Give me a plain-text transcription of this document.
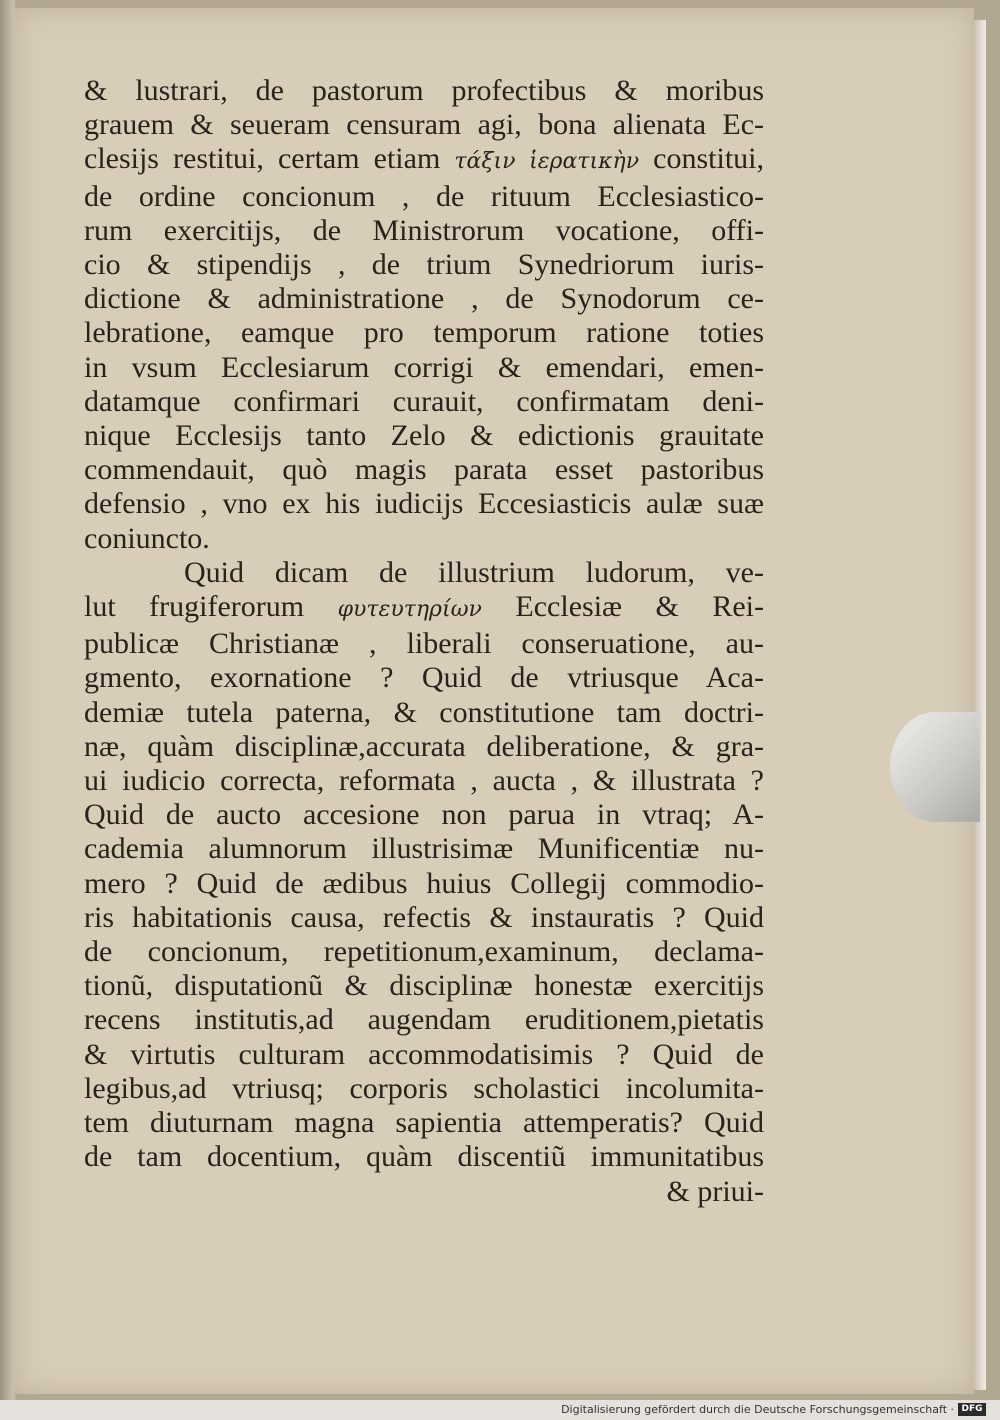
& lustrari, de pastorum profectibus & moribus
grauem & seueram censuram agi, bona alienata Ec-
clesijs restitui, certam etiam τάξιν ἱερατικὴν constitui,
de ordine concionum , de rituum Ecclesiastico-
rum exercitijs, de Ministrorum vocatione, offi-
cio & stipendijs , de trium Synedriorum iuris-
dictione & administratione , de Synodorum ce-
lebratione, eamque pro temporum ratione toties
in vsum Ecclesiarum corrigi & emendari, emen-
datamque confirmari curauit, confirmatam deni-
nique Ecclesijs tanto Zelo & edictionis grauitate
commendauit, quò magis parata esset pastoribus
defensio , vno ex his iudicijs Eccesiasticis aulæ suæ
coniuncto.
Quid dicam de illustrium ludorum, ve-
lut frugiferorum φυτευτηρίων Ecclesiæ & Rei-
publicæ Christianæ , liberali conseruatione, au-
gmento, exornatione ? Quid de vtriusque Aca-
demiæ tutela paterna, & constitutione tam doctri-
næ, quàm disciplinæ,accurata deliberatione, & gra-
ui iudicio correcta, reformata , aucta , & illustrata ?
Quid de aucto accesione non parua in vtraq; A-
cademia alumnorum illustrisimæ Munificentiæ nu-
mero ? Quid de ædibus huius Collegij commodio-
ris habitationis causa, refectis & instauratis ? Quid
de concionum, repetitionum,examinum, declama-
tionũ, disputationũ & disciplinæ honestæ exercitijs
recens institutis,ad augendam eruditionem,pietatis
& virtutis culturam accommodatisimis ? Quid de
legibus,ad vtriusq; corporis scholastici incolumita-
tem diuturnam magna sapientia attemperatis? Quid
de tam docentium, quàm discentiũ immunitatibus
& priui-
Digitalisierung gefördert durch die Deutsche Forschungsgemeinschaft · DFG
